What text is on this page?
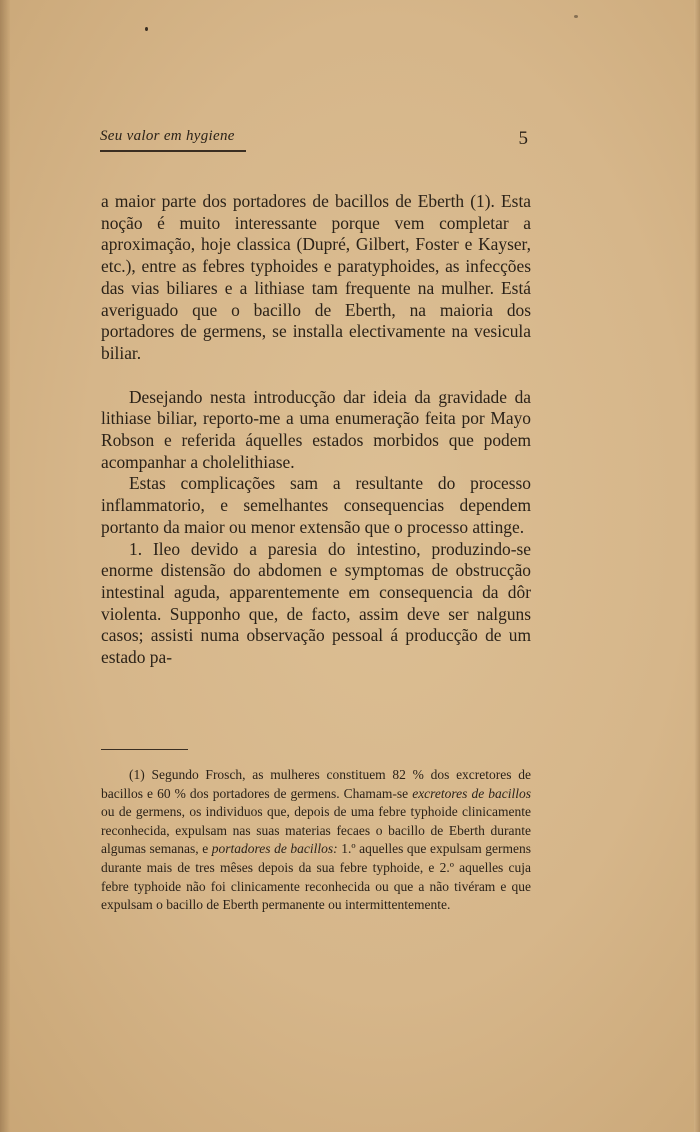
Seu valor em hygiene	5

a maior parte dos portadores de bacillos de Eberth (1). Esta noção é muito interessante porque vem completar a aproximação, hoje classica (Dupré, Gilbert, Foster e Kayser, etc.), entre as febres typhoides e paratyphoides, as infecções das vias biliares e a lithiase tam frequente na mulher. Está averiguado que o bacillo de Eberth, na maioria dos portadores de germens, se installa electivamente na vesicula biliar.

Desejando nesta introducção dar ideia da gravidade da lithiase biliar, reporto-me a uma enumeração feita por Mayo Robson e referida áquelles estados morbidos que podem acompanhar a cholelithiase.

Estas complicações sam a resultante do processo inflammatorio, e semelhantes consequencias dependem portanto da maior ou menor extensão que o processo attinge.

1. Ileo devido a paresia do intestino, produzindo-se enorme distensão do abdomen e symptomas de obstrucção intestinal aguda, apparentemente em consequencia da dôr violenta. Supponho que, de facto, assim deve ser nalguns casos; assisti numa observação pessoal á producção de um estado pa-

(1) Segundo Frosch, as mulheres constituem 82 % dos excretores de bacillos e 60 % dos portadores de germens. Chamam-se excretores de bacillos ou de germens, os individuos que, depois de uma febre typhoide clinicamente reconhecida, expulsam nas suas materias fecaes o bacillo de Eberth durante algumas semanas, e portadores de bacillos: 1.º aquelles que expulsam germens durante mais de tres mêses depois da sua febre typhoide, e 2.º aquelles cuja febre typhoide não foi clinicamente reconhecida ou que a não tivéram e que expulsam o bacillo de Eberth permanente ou intermittentemente.
